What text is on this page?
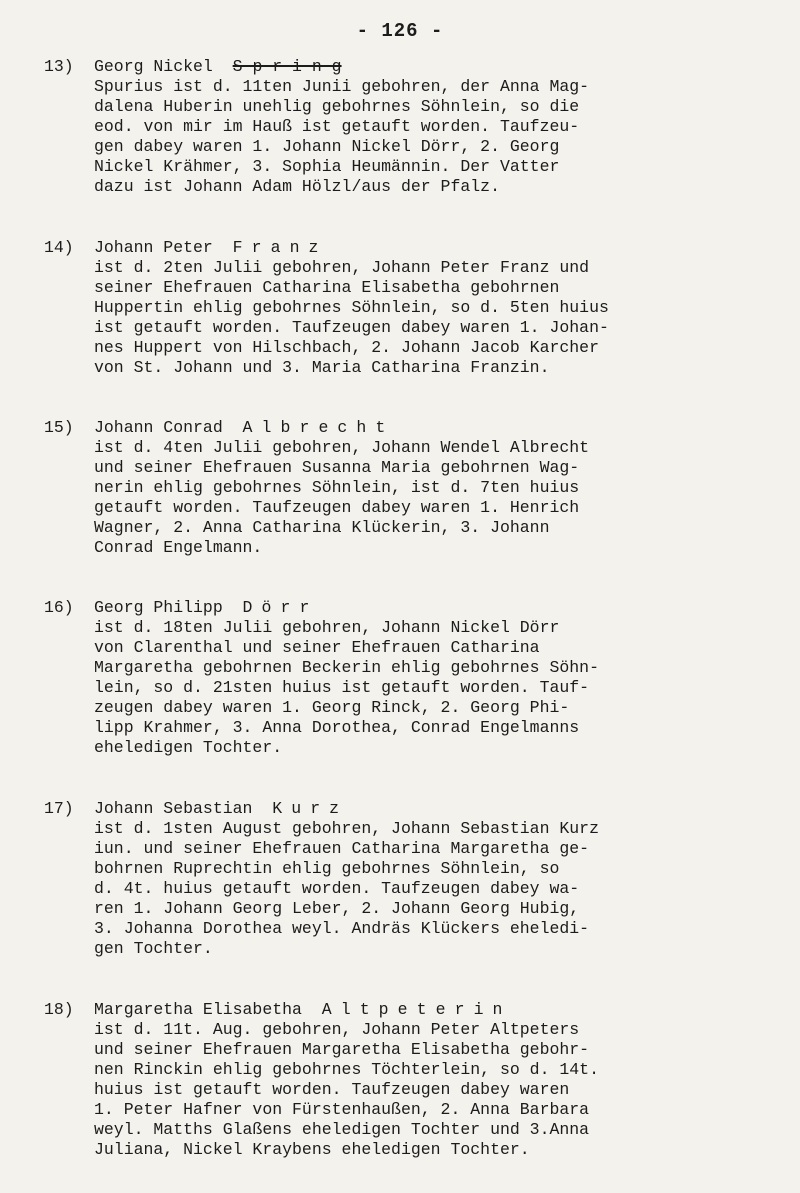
- 126 -
13)	Georg Nickel S-p-r-i-n-g
Spurius ist d. 11ten Junii gebohren, der Anna Mag-
dalena Huberin unehlig gebohrnes Söhnlein, so die
eod. von mir im Hauß ist getauft worden. Taufzeu-
gen dabey waren 1. Johann Nickel Dörr, 2. Georg
Nickel Krähmer, 3. Sophia Heumännin. Der Vatter
dazu ist Johann Adam Hölzl/aus der Pfalz.
14)	Johann Peter Franz
ist d. 2ten Julii gebohren, Johann Peter Franz und
seiner Ehefrauen Catharina Elisabetha gebohrnen
Huppertin ehlig gebohrnes Söhnlein, so d. 5ten huius
ist getauft worden. Taufzeugen dabey waren 1. Johan-
nes Huppert von Hilschbach, 2. Johann Jacob Karcher
von St. Johann und 3. Maria Catharina Franzin.
15)	Johann Conrad Albrecht
ist d. 4ten Julii gebohren, Johann Wendel Albrecht
und seiner Ehefrauen Susanna Maria gebohrnen Wag-
nerin ehlig gebohrnes Söhnlein, ist d. 7ten huius
getauft worden. Taufzeugen dabey waren 1. Henrich
Wagner, 2. Anna Catharina Klückerin, 3. Johann
Conrad Engelmann.
16)	Georg Philipp Dörr
ist d. 18ten Julii gebohren, Johann Nickel Dörr
von Clarenthal und seiner Ehefrauen Catharina
Margaretha gebohrnen Beckerin ehlig gebohrnes Söhn-
lein, so d. 21sten huius ist getauft worden. Tauf-
zeugen dabey waren 1. Georg Rinck, 2. Georg Phi-
lipp Krahmer, 3. Anna Dorothea, Conrad Engelmanns
eheledigen Tochter.
17)	Johann Sebastian Kurz
ist d. 1sten August gebohren, Johann Sebastian Kurz
iun. und seiner Ehefrauen Catharina Margaretha ge-
bohrnen Ruprechtin ehlig gebohrnes Söhnlein, so
d. 4t. huius getauft worden. Taufzeugen dabey wa-
ren 1. Johann Georg Leber, 2. Johann Georg Hubig,
3. Johanna Dorothea weyl. Andräs Klückers eheledi-
gen Tochter.
18)	Margaretha Elisabetha Altpeterin
ist d. 11t. Aug. gebohren, Johann Peter Altpeters
und seiner Ehefrauen Margaretha Elisabetha gebohr-
nen Rinckin ehlig gebohrnes Töchterlein, so d. 14t.
huius ist getauft worden. Taufzeugen dabey waren
1. Peter Hafner von Fürstenhaußen, 2. Anna Barbara
weyl. Matths Glaßens eheledigen Tochter und 3.Anna
Juliana, Nickel Kraybens eheledigen Tochter.
